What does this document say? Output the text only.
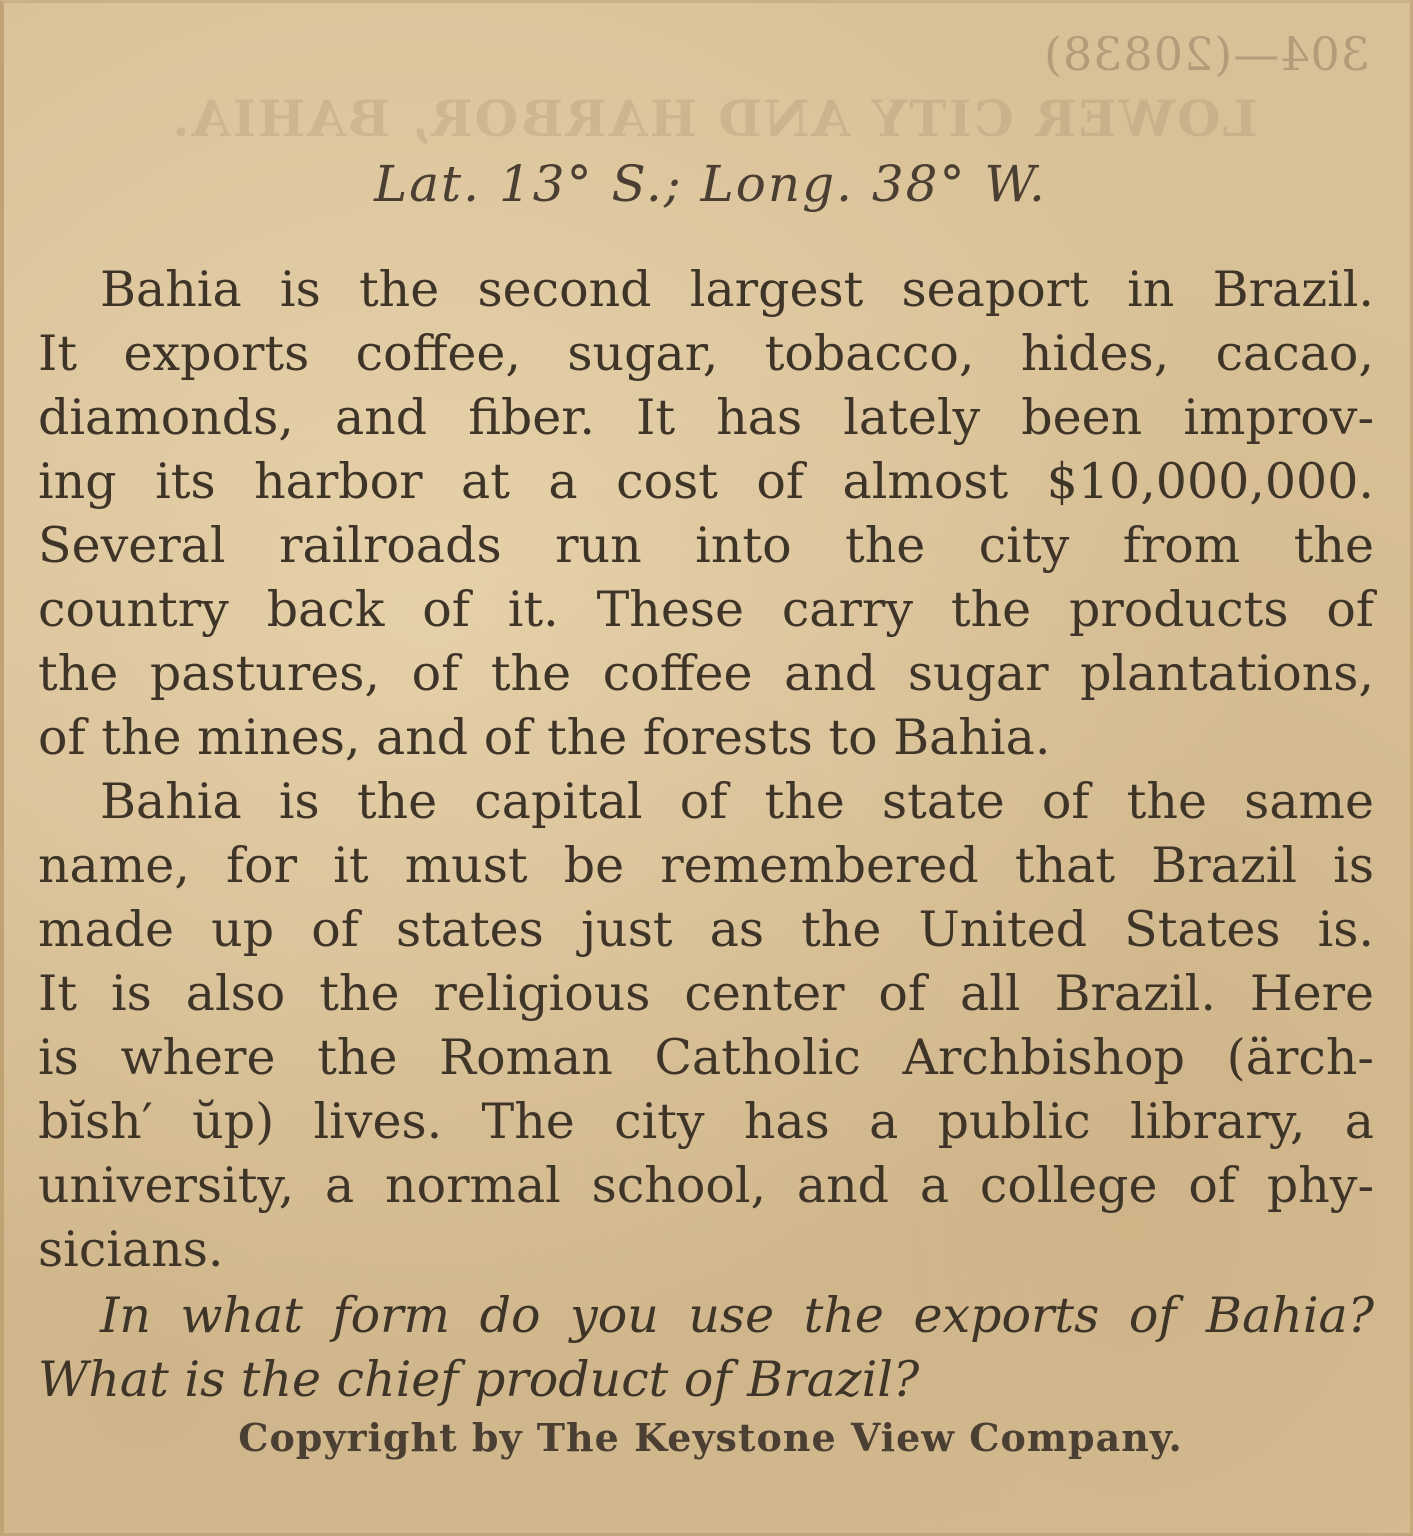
304—(20838)
LOWER CITY AND HARBOR, BAHIA.
Lat. 13° S.; Long. 38° W.
Bahia is the second largest seaport in Brazil.
It exports coffee, sugar, tobacco, hides, cacao,
diamonds, and fiber. It has lately been improv-
ing its harbor at a cost of almost $10,000,000.
Several railroads run into the city from the
country back of it. These carry the products of
the pastures, of the coffee and sugar plantations,
of the mines, and of the forests to Bahia.
Bahia is the capital of the state of the same
name, for it must be remembered that Brazil is
made up of states just as the United States is.
It is also the religious center of all Brazil. Here
is where the Roman Catholic Archbishop (ärch-
bĭsh′ ŭp) lives. The city has a public library, a
university, a normal school, and a college of phy-
sicians.
In what form do you use the exports of Bahia?
What is the chief product of Brazil?
Copyright by The Keystone View Company.
